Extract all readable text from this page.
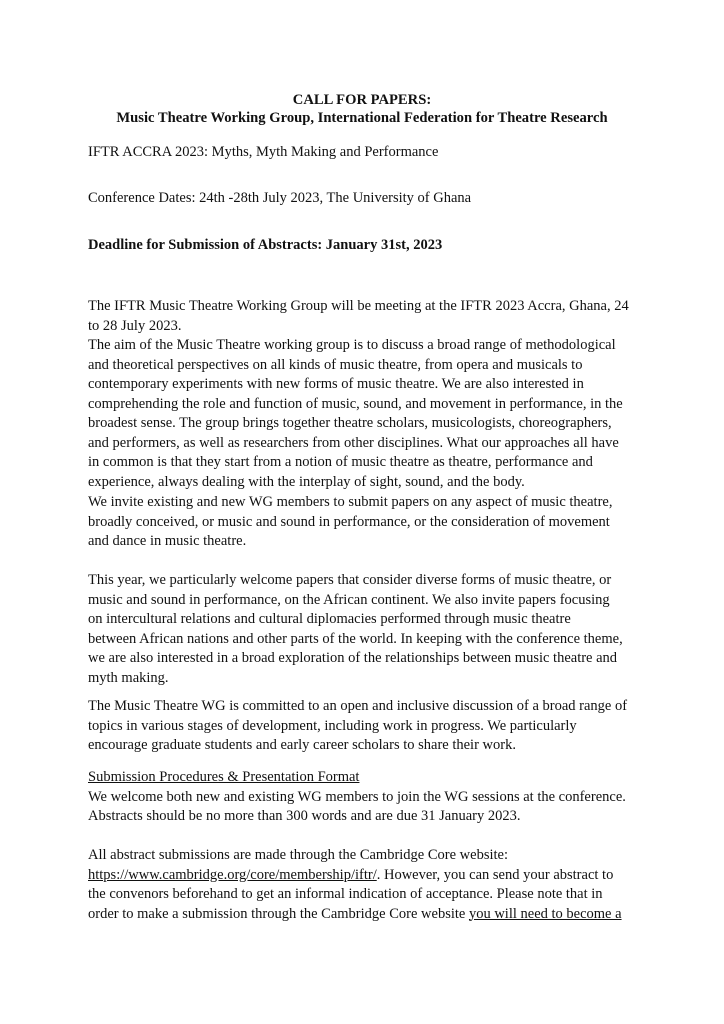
CALL FOR PAPERS:
Music Theatre Working Group, International Federation for Theatre Research
IFTR ACCRA 2023: Myths, Myth Making and Performance
Conference Dates: 24th -28th July 2023, The University of Ghana
Deadline for Submission of Abstracts: January 31st, 2023
The IFTR Music Theatre Working Group will be meeting at the IFTR 2023 Accra, Ghana, 24
to 28 July 2023.
The aim of the Music Theatre working group is to discuss a broad range of methodological
and theoretical perspectives on all kinds of music theatre, from opera and musicals to
contemporary experiments with new forms of music theatre. We are also interested in
comprehending the role and function of music, sound, and movement in performance, in the
broadest sense. The group brings together theatre scholars, musicologists, choreographers,
and performers, as well as researchers from other disciplines. What our approaches all have
in common is that they start from a notion of music theatre as theatre, performance and
experience, always dealing with the interplay of sight, sound, and the body.
We invite existing and new WG members to submit papers on any aspect of music theatre,
broadly conceived, or music and sound in performance, or the consideration of movement
and dance in music theatre.
This year, we particularly welcome papers that consider diverse forms of music theatre, or
music and sound in performance, on the African continent. We also invite papers focusing
on intercultural relations and cultural diplomacies performed through music theatre
between African nations and other parts of the world. In keeping with the conference theme,
we are also interested in a broad exploration of the relationships between music theatre and
myth making.
The Music Theatre WG is committed to an open and inclusive discussion of a broad range of
topics in various stages of development, including work in progress. We particularly
encourage graduate students and early career scholars to share their work.
Submission Procedures & Presentation Format
We welcome both new and existing WG members to join the WG sessions at the conference.
Abstracts should be no more than 300 words and are due 31 January 2023.
All abstract submissions are made through the Cambridge Core website:
https://www.cambridge.org/core/membership/iftr/. However, you can send your abstract to
the convenors beforehand to get an informal indication of acceptance. Please note that in
order to make a submission through the Cambridge Core website you will need to become a
